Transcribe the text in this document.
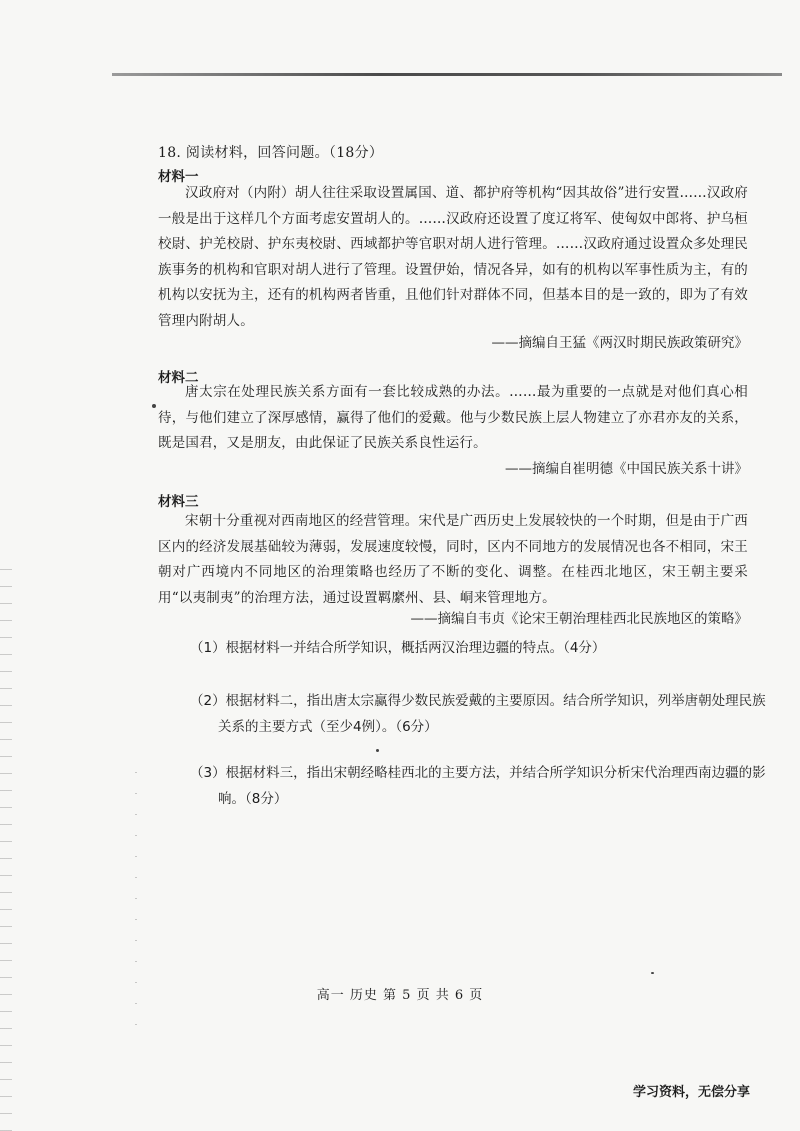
18. 阅读材料，回答问题。（18分）
材料一
汉政府对（内附）胡人往往采取设置属国、道、都护府等机构“因其故俗”进行安置……汉政府一般是出于这样几个方面考虑安置胡人的。……汉政府还设置了度辽将军、使匈奴中郎将、护乌桓校尉、护羌校尉、护东夷校尉、西域都护等官职对胡人进行管理。……汉政府通过设置众多处理民族事务的机构和官职对胡人进行了管理。设置伊始，情况各异，如有的机构以军事性质为主，有的机构以安抚为主，还有的机构两者皆重，且他们针对群体不同，但基本目的是一致的，即为了有效管理内附胡人。
——摘编自王猛《两汉时期民族政策研究》
材料二
唐太宗在处理民族关系方面有一套比较成熟的办法。……最为重要的一点就是对他们真心相待，与他们建立了深厚感情，赢得了他们的爱戴。他与少数民族上层人物建立了亦君亦友的关系，既是国君，又是朋友，由此保证了民族关系良性运行。
——摘编自崔明德《中国民族关系十讲》
材料三
宋朝十分重视对西南地区的经营管理。宋代是广西历史上发展较快的一个时期，但是由于广西区内的经济发展基础较为薄弱，发展速度较慢，同时，区内不同地方的发展情况也各不相同，宋王朝对广西境内不同地区的治理策略也经历了不断的变化、调整。在桂西北地区，宋王朝主要采用“以夷制夷”的治理方法，通过设置羁縻州、县、峒来管理地方。
——摘编自韦贞《论宋王朝治理桂西北民族地区的策略》
（1）根据材料一并结合所学知识，概括两汉治理边疆的特点。（4分）
（2）根据材料二，指出唐太宗赢得少数民族爱戴的主要原因。结合所学知识，列举唐朝处理民族关系的主要方式（至少4例）。（6分）
（3）根据材料三，指出宋朝经略桂西北的主要方法，并结合所学知识分析宋代治理西南边疆的影响。（8分）
高一 历史 第 5 页 共 6 页
学习资料，无偿分享
